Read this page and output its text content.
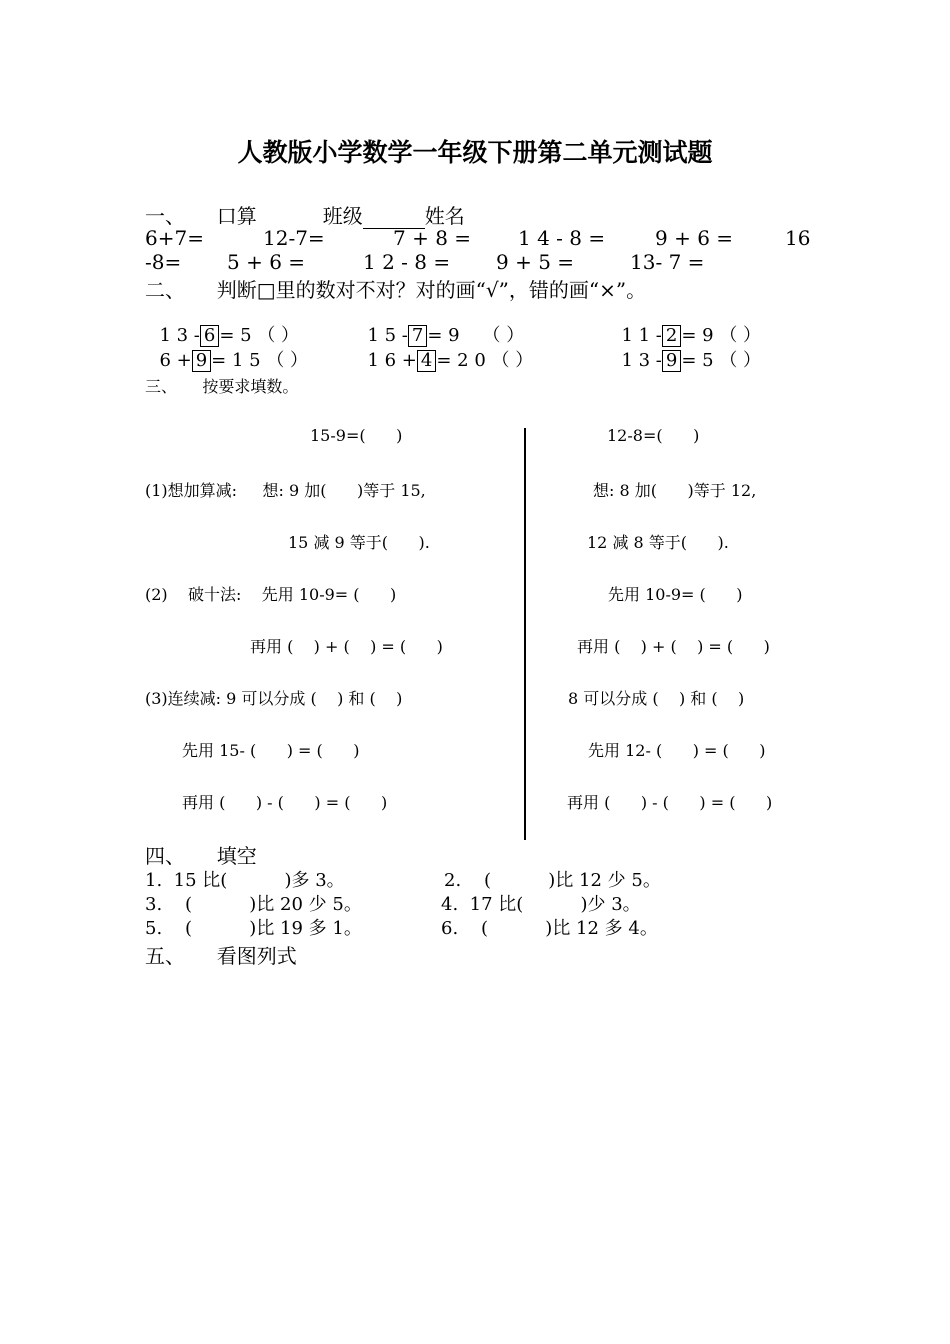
人教版小学数学一年级下册第二单元测试题

班级	姓名

一、     口算
6+7=	12-7=	7 + 8 = 1 4 - 8 = 9 + 6 =	16
-8= 5 + 6 =	1 2 - 8 = 9 + 5 =	13- 7 =
二、     判断□里的数对不对？对的画“√”，错的画“×”。

1 3 - 6 = 5 （ ）	1 5 - 7 = 9    （ ）	1 1 - 2 = 9 （ ）

6 + 9 = 1 5 （ ）	1 6 + 4 = 2 0 （ ）	1 3 - 9 = 5 （ ）

三、     按要求填数。
15-9=(      )
(1)想加算减:     想: 9 加(      )等于 15,
15 减 9 等于(      ).
(2)    破十法:    先用 10-9= (      )
再用 (    ) + (    ) = (      )
(3)连续减: 9 可以分成 (    ) 和 (    )
先用 15- (      ) = (      )
再用 (      ) - (      ) = (      )
12-8=(      )
想: 8 加(      )等于 12,
12 减 8 等于(      ).
先用 10-9= (      )
再用 (    ) + (    ) = (      )
8 可以分成 (    ) 和 (    )
先用 12- (      ) = (      )
再用 (      ) - (      ) = (      )
四、     填空
1.  15 比(          )多 3。	2.    (          )比 12 少 5。
3.    (          )比 20 少 5。	4.  17 比(          )少 3。
5.    (          )比 19 多 1。	6.    (          )比 12 多 4。
五、     看图列式
